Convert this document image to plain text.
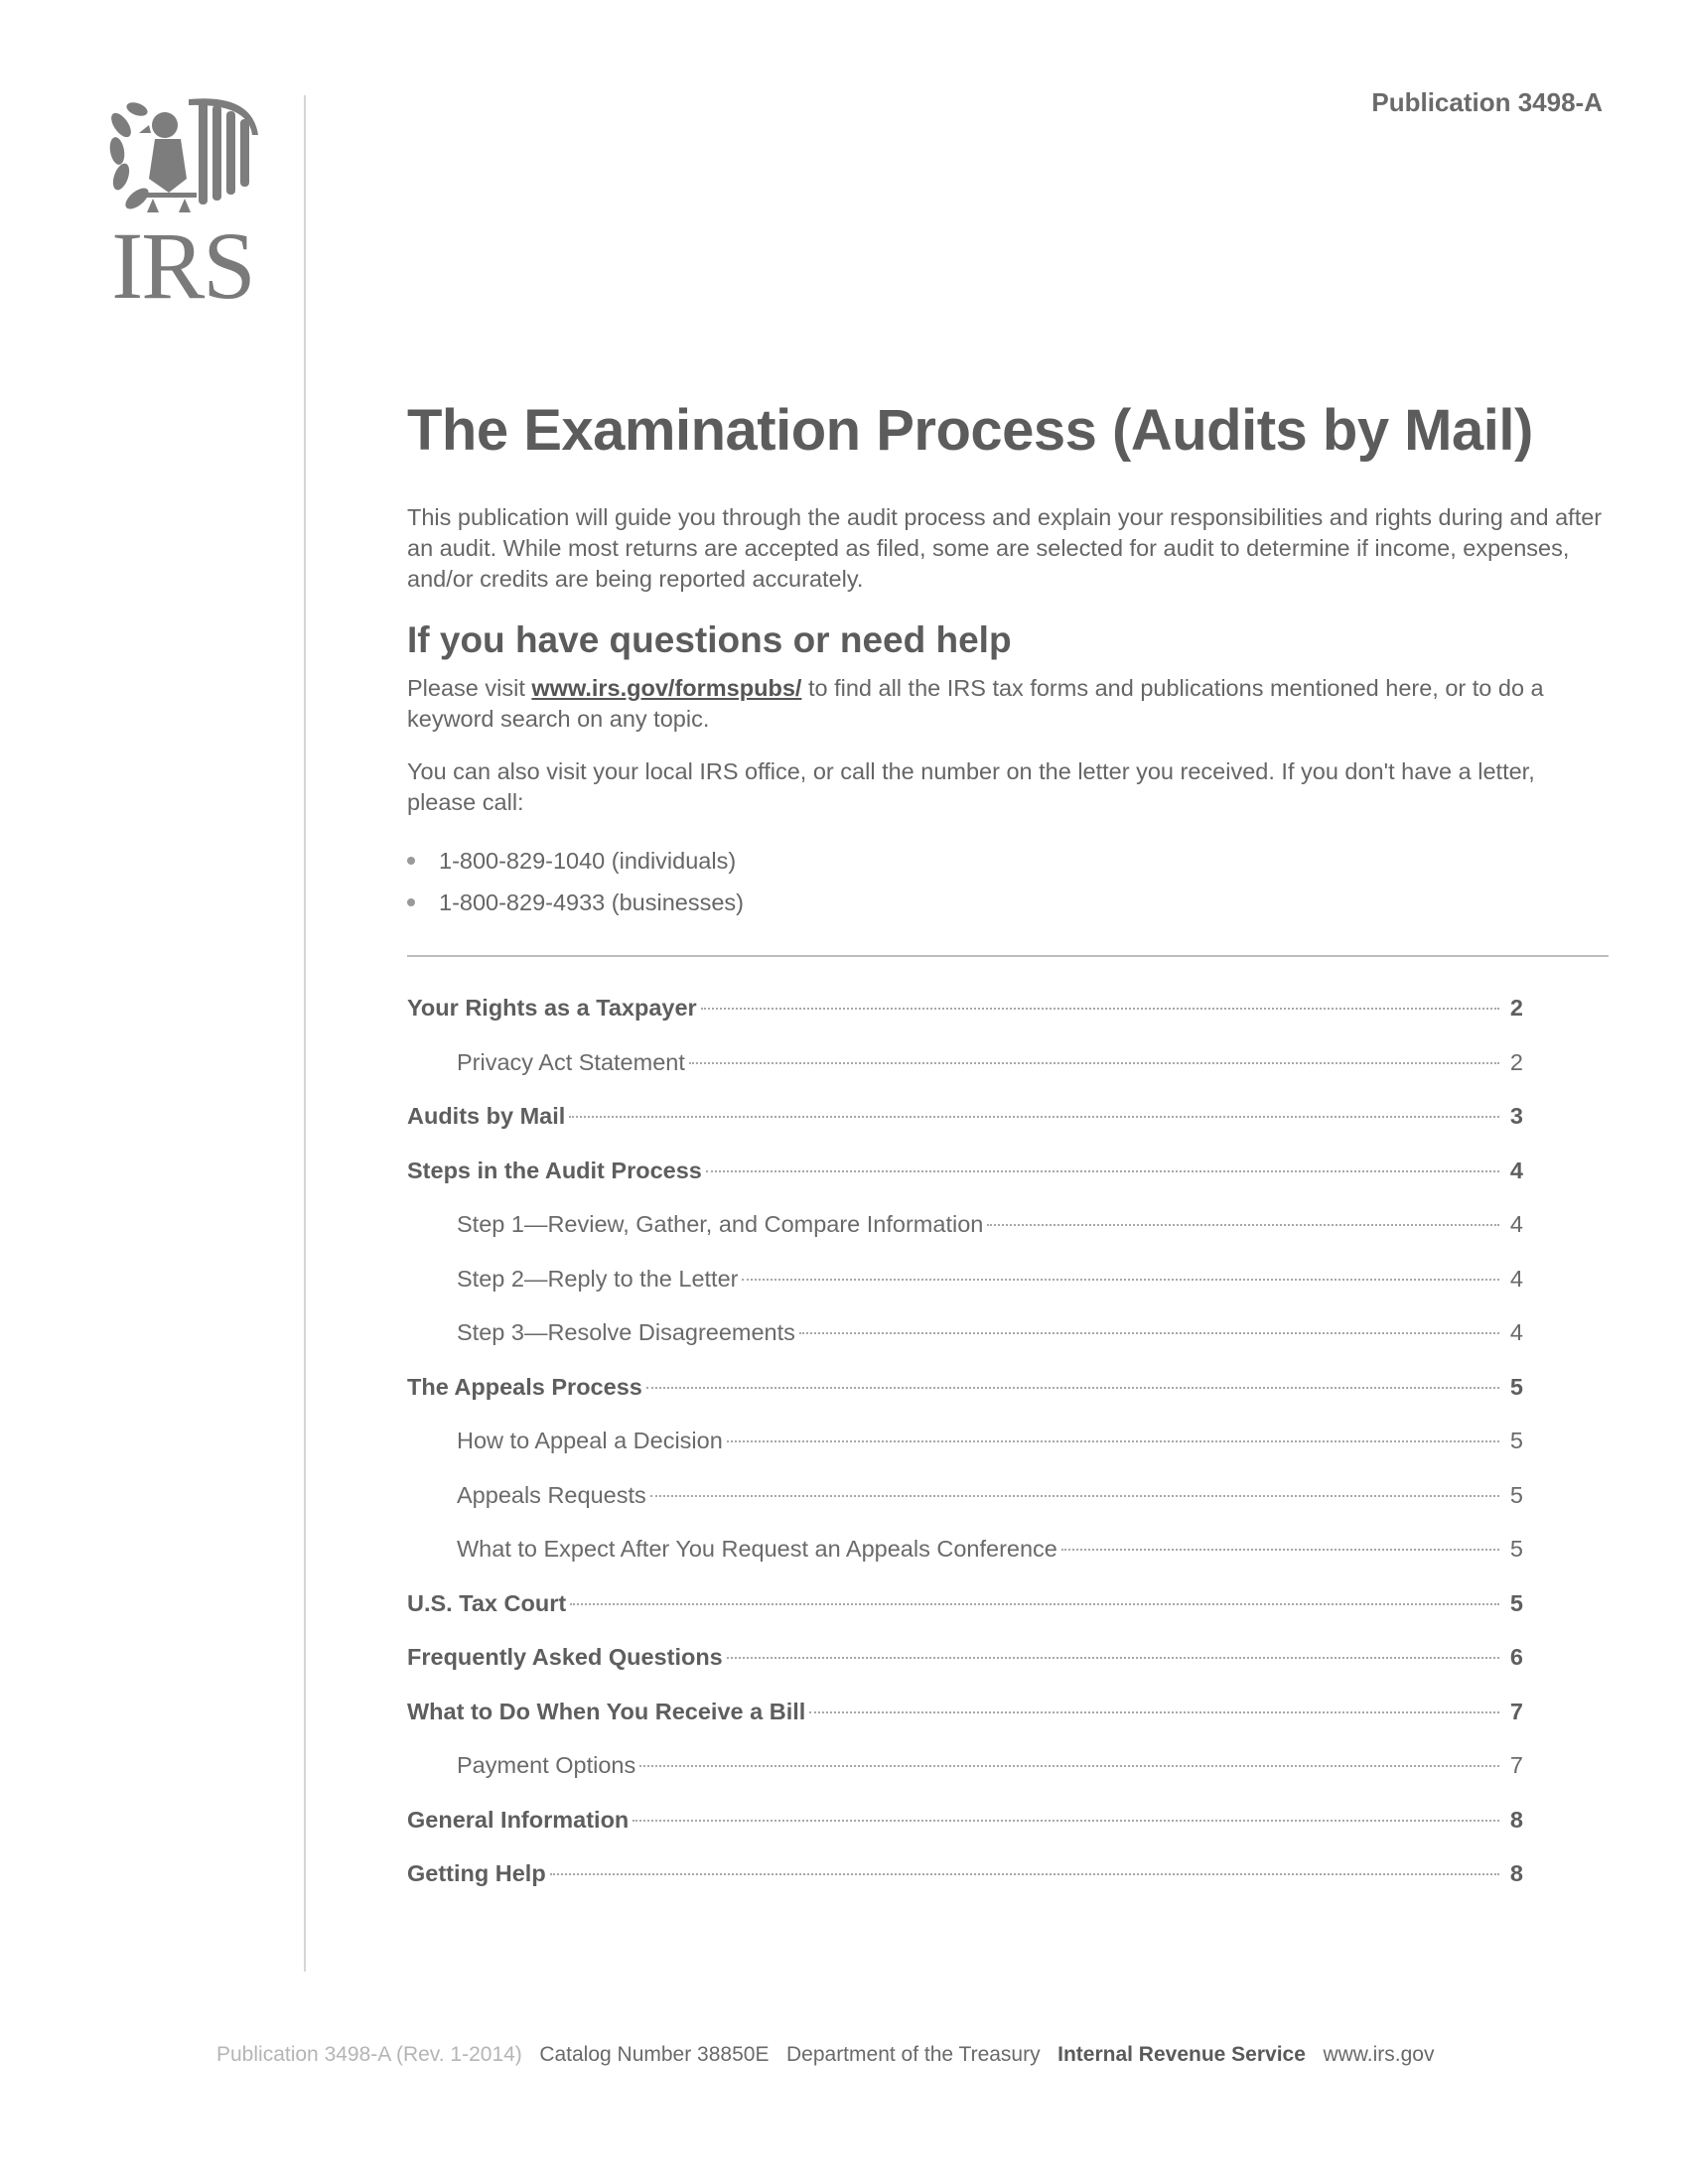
IRS
Publication 3498-A
The Examination Process (Audits by Mail)

This publication will guide you through the audit process and explain your responsibilities and rights during and after an audit. While most returns are accepted as filed, some are selected for audit to determine if income, expenses, and/or credits are being reported accurately.

If you have questions or need help

Please visit www.irs.gov/formspubs/ to find all the IRS tax forms and publications mentioned here, or to do a keyword search on any topic.

You can also visit your local IRS office, or call the number on the letter you received. If you don't have a letter, please call:

1-800-829-1040 (individuals)
1-800-829-4933 (businesses)
Your Rights as a Taxpayer	2
Privacy Act Statement	2
Audits by Mail	3
Steps in the Audit Process	4
Step 1—Review, Gather, and Compare Information	4
Step 2—Reply to the Letter	4
Step 3—Resolve Disagreements	4
The Appeals Process	5
How to Appeal a Decision	5
Appeals Requests	5
What to Expect After You Request an Appeals Conference	5
U.S. Tax Court	5
Frequently Asked Questions	6
What to Do When You Receive a Bill	7
Payment Options	7
General Information	8
Getting Help	8
Publication 3498-A (Rev. 1-2014) Catalog Number 38850E Department of the Treasury Internal Revenue Service www.irs.gov
